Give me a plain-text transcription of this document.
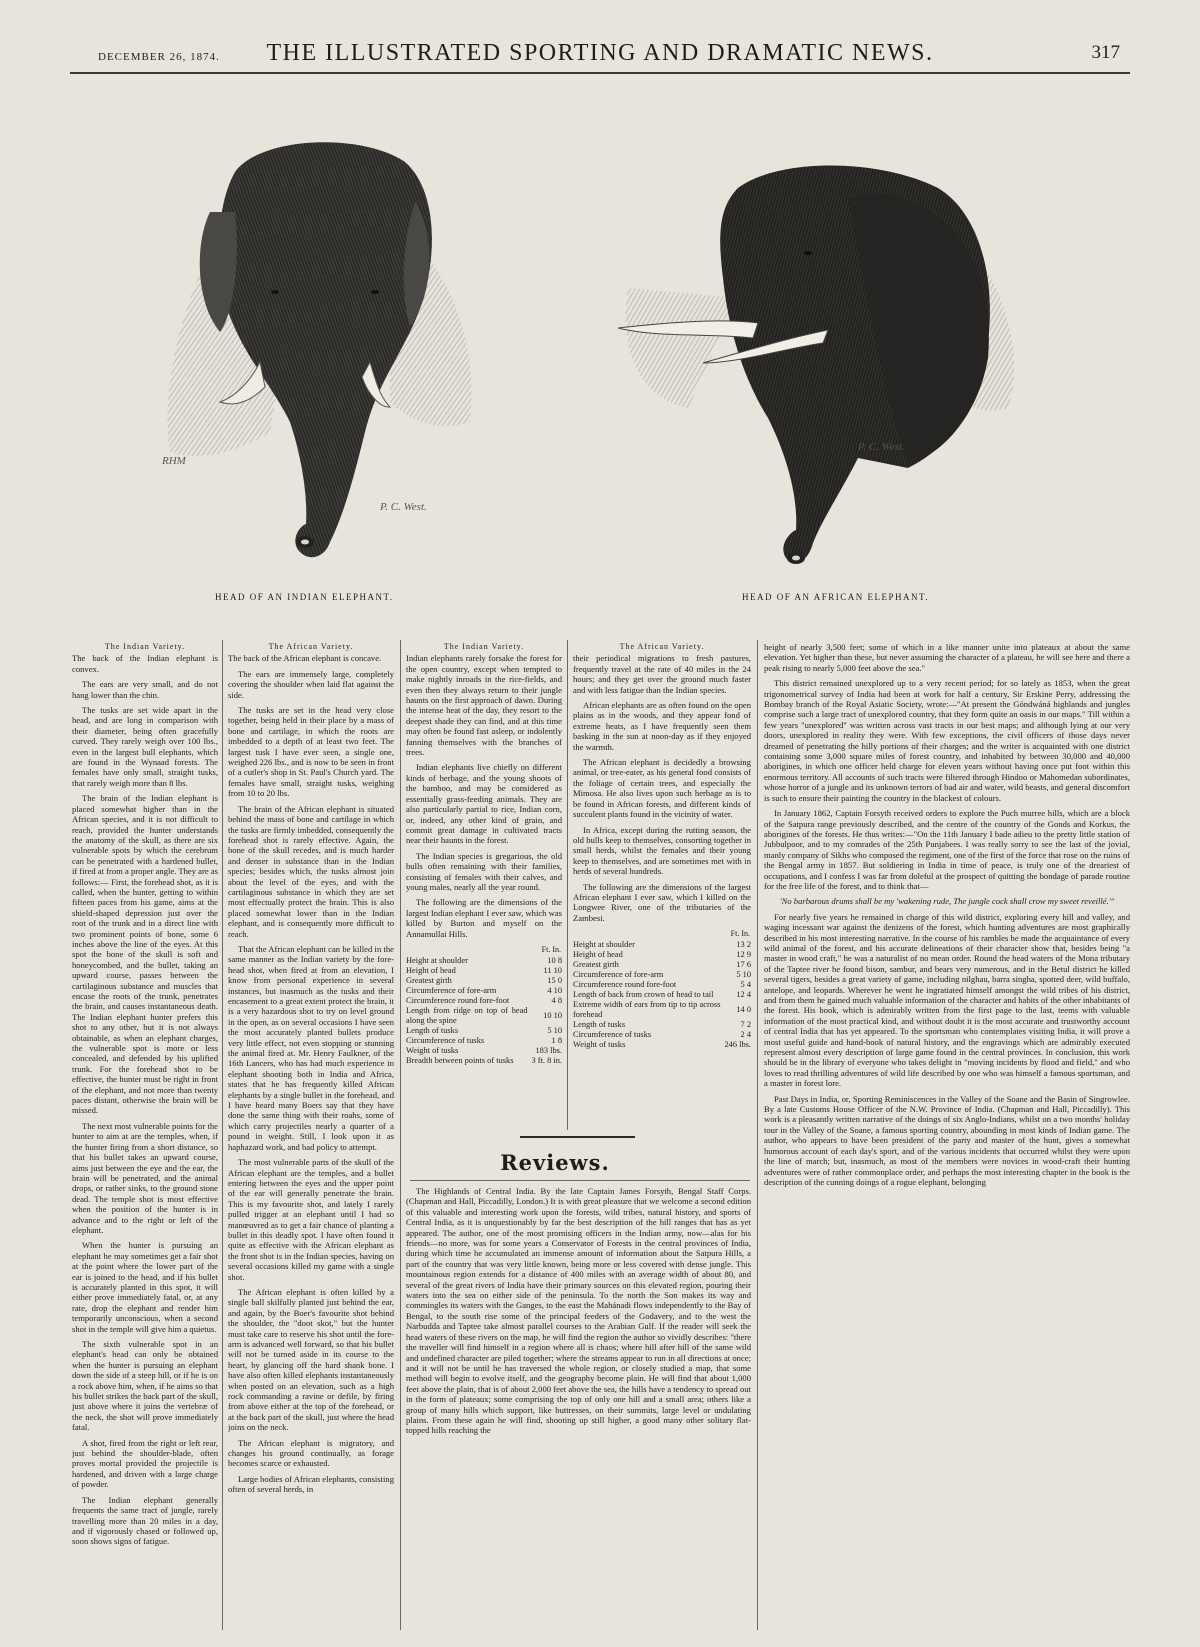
DECEMBER 26, 1874.	THE ILLUSTRATED SPORTING AND DRAMATIC NEWS.	317
RHM
P. C. West.
HEAD OF AN INDIAN ELEPHANT.
P. C. West.
HEAD OF AN AFRICAN ELEPHANT.
The Indian Variety.

The back of the Indian elephant is convex.

The ears are very small, and do not hang lower than the chin.

The tusks are set wide apart in the head, and are long in comparison with their diameter, being often gracefully curved. They rarely weigh over 100 lbs., even in the largest bull elephants, which are found in the Wynaad forests. The females have only small, straight tusks, that rarely weigh more than 8 lbs.

The brain of the Indian elephant is placed somewhat higher than in the African species, and it is not difficult to reach, provided the hunter understands the anatomy of the skull, as there are six vulnerable spots by which the cerebrum can be penetrated with a hardened bullet, if fired at from a proper angle. They are as follows:— First, the forehead shot, as it is called, when the hunter, getting to within fifteen paces from his game, aims at the shield-shaped depression just over the root of the trunk and in a direct line with two prominent points of bone, some 6 inches above the line of the eyes. At this spot the bone of the skull is soft and honeycombed, and the bullet, taking an upward course, passes between the cartilaginous substance and muscles that encase the roots of the trunk, penetrates the brain, and causes instantaneous death. The Indian elephant hunter prefers this shot to any other, but it is not always obtainable, as when an elephant charges, the vulnerable spot is more or less concealed, and defended by his uplifted trunk. For the forehead shot to be effective, the hunter must be right in front of the elephant, and not more than twenty paces distant, otherwise the brain will be missed.

The next most vulnerable points for the hunter to aim at are the temples, when, if the hunter firing from a short distance, so that his bullet takes an upward course, aims just between the eye and the ear, the brain will be penetrated, and the animal drops, or rather sinks, to the ground stone dead. The temple shot is most effective when the position of the hunter is in advance and to the right or left of the elephant.

When the hunter is pursuing an elephant he may sometimes get a fair shot at the point where the lower part of the ear is joined to the head, and if his bullet is accurately planted in this spot, it will either prove immediately fatal, or, at any rate, drop the elephant and render him temporarily unconscious, when a second shot in the temple will give him a quietus.

The sixth vulnerable spot in an elephant's head can only be obtained when the hunter is pursuing an elephant down the side of a steep hill, or if he is on a rock above him, when, if he aims so that his bullet strikes the back part of the skull, just above where it joins the vertebræ of the neck, the shot will prove immediately fatal.

A shot, fired from the right or left rear, just behind the shoulder-blade, often proves mortal provided the projectile is hardened, and driven with a large charge of powder.

The Indian elephant generally frequents the same tract of jungle, rarely travelling more than 20 miles in a day, and if vigorously chased or followed up, soon shows signs of fatigue.

The African Variety.

The back of the African elephant is concave.

The ears are immensely large, completely covering the shoulder when laid flat against the side.

The tusks are set in the head very close together, being held in their place by a mass of bone and cartilage, in which the roots are imbedded to a depth of at least two feet. The largest tusk I have ever seen, a single one, weighed 226 lbs., and is now to be seen in front of a cutler's shop in St. Paul's Church yard. The females have small, straight tusks, weighing from 10 to 20 lbs.

The brain of the African elephant is situated behind the mass of bone and cartilage in which the tusks are firmly imbedded, consequently the forehead shot is rarely effective. Again, the bone of the skull recedes, and is much harder and denser in substance than in the Indian species; besides which, the tusks almost join about the level of the eyes, and with the cartilaginous substance in which they are set most effectually protect the brain. This is also placed somewhat lower than in the Indian elephant, and is consequently more difficult to reach.

That the African elephant can be killed in the same manner as the Indian variety by the fore-head shot, when fired at from an elevation, I know from personal experience in several instances, but inasmuch as the tusks and their encasement to a great extent protect the brain, it is a very hazardous shot to try on level ground in the open, as on several occasions I have seen the most accurately planted bullets produce very little effect, not even stopping or stunning the animal fired at. Mr. Henry Faulkner, of the 16th Lancers, who has had much experience in elephant shooting both in India and Africa, states that he has frequently killed African elephants by a single bullet in the forehead, and I have heard many Boers say that they have done the same thing with their roahs, some of which carry projectiles nearly a quarter of a pound in weight. Still, I look upon it as haphazard work, and bad policy to attempt.

The most vulnerable parts of the skull of the African elephant are the temples, and a bullet entering between the eyes and the upper point of the ear will generally penetrate the brain. This is my favourite shot, and lately I rarely pulled trigger at an elephant until I had so manœuvred as to get a fair chance of planting a bullet in this deadly spot. I have often found it quite as effective with the African elephant as the front shot is in the Indian species, having on several occasions killed my game with a single shot.

The African elephant is often killed by a single ball skilfully planted just behind the ear, and again, by the Boer's favourite shot behind the shoulder, the "doot skot," but the hunter must take care to reserve his shot until the fore-arm is advanced well forward, so that his bullet will not be turned aside in its course to the heart, by glancing off the hard shank bone. I have also often killed elephants instantaneously when posted on an elevation, such as a high rock commanding a ravine or defile, by firing from above either at the top of the forehead, or at the back part of the skull, just where the head joins on the neck.

The African elephant is migratory, and changes his ground continually, as forage becomes scarce or exhausted.

Large bodies of African elephants, consisting often of several herds, in

The Indian Variety.

Indian elephants rarely forsake the forest for the open country, except when tempted to make nightly inroads in the rice-fields, and even then they always return to their jungle haunts on the first approach of dawn. During the intense heat of the day, they resort to the deepest shade they can find, and at this time may often be found fast asleep, or indolently fanning themselves with the branches of trees.

Indian elephants live chiefly on different kinds of herbage, and the young shoots of the bamboo, and may be considered as essentially grass-feeding animals. They are also particularly partial to rice, Indian corn, or, indeed, any other kind of grain, and commit great damage in cultivated tracts near their haunts in the forest.

The Indian species is gregarious, the old bulls often remaining with their families, consisting of females with their calves, and young males, nearly all the year round.

The following are the dimensions of the largest Indian elephant I ever saw, which was killed by Burton and myself on the Annamullai Hills.

	Ft. In.
Height at shoulder	10 8
Height of head	11 10
Greatest girth	15 0
Circumference of fore-arm	4 10
Circumference round fore-foot	4 8
Length from ridge on top of head along the spine	10 10
Length of tusks	5 10
Circumference of tusks	1 8
Weight of tusks	183 lbs.
Breadth between points of tusks	3 ft. 8 in.
The African Variety.

their periodical migrations to fresh pastures, frequently travel at the rate of 40 miles in the 24 hours; and they get over the ground much faster and with less fatigue than the Indian species.

African elephants are as often found on the open plains as in the woods, and they appear fond of extreme heats, as I have frequently seen them basking in the sun at noon-day as if they enjoyed the warmth.

The African elephant is decidedly a browsing animal, or tree-eater, as his general food consists of the foliage of certain trees, and especially the Mimosa. He also lives upon such herbage as is to be found in African forests, and different kinds of succulent plants found in the vicinity of water.

In Africa, except during the rutting season, the old bulls keep to themselves, consorting together in small herds, whilst the females and their young keep to themselves, and are sometimes met with in herds of several hundreds.

The following are the dimensions of the largest African elephant I ever saw, which I killed on the Longwee River, one of the tributaries of the Zambesi.

	Ft. In.
Height at shoulder	13 2
Height of head	12 9
Greatest girth	17 6
Circumference of fore-arm	5 10
Circumference round fore-foot	5 4
Length of back from crown of head to tail	12 4
Extreme width of ears from tip to tip across forehead	14 0
Length of tusks	7 2
Circumference of tusks	2 4
Weight of tusks	246 lbs.
Reviews.

The Highlands of Central India. By the late Captain James Forsyth, Bengal Staff Corps. (Chapman and Hall, Piccadilly, London.) It is with great pleasure that we welcome a second edition of this valuable and interesting work upon the forests, wild tribes, natural history, and sports of Central India, as it is unquestionably by far the best description of the hill ranges that has as yet appeared. The author, one of the most promising officers in the Indian army, now—alas for his friends—no more, was for some years a Conservator of Forests in the central provinces of India, during which time he accumulated an immense amount of information about the Satpura Hills, a part of the country that was very little known, being more or less covered with dense jungle. This mountainous region extends for a distance of 400 miles with an average width of about 80, and several of the great rivers of India have their primary sources on this elevated region, pouring their waters into the sea on either side of the peninsula. To the north the Son makes its way and commingles its waters with the Ganges, to the east the Mahánadi flows independently to the Bay of Bengal, to the south rise some of the principal feeders of the Godavery, and to the west the Narbudda and Taptee take almost parallel courses to the Arabian Gulf. If the reader will seek the head waters of these rivers on the map, he will find the region the author so vividly describes: "there the traveller will find himself in a region where all is chaos; where hill after hill of the same wild and undefined character are piled together; where the streams appear to run in all directions at once; and it will not be until he has traversed the whole region, or closely studied a map, that some method will begin to evolve itself, and the geography become plain. He will find that about 1,000 feet above the plain, that is of about 2,000 feet above the sea, the hills have a tendency to spread out in the form of plateaux; some comprising the top of only one hill and a small area; others like a group of many hills which support, like buttresses, on their summits, large level or undulating plains. From these again he will find, shooting up still higher, a good many other solitary flat-topped hills reaching the

height of nearly 3,500 feet; some of which in a like manner unite into plateaux at about the same elevation. Yet higher than these, but never assuming the character of a plateau, he will see here and there a peak rising to nearly 5,000 feet above the sea."

This district remained unexplored up to a very recent period; for so lately as 1853, when the great trigonometrical survey of India had been at work for half a century, Sir Erskine Perry, addressing the Bombay branch of the Royal Asiatic Society, wrote:—"At present the Góndwáná highlands and jungles comprise such a large tract of unexplored country, that they form quite an oasis in our maps." Till within a few years "unexplored" was written across vast tracts in our best maps; and although lying at our very doors, unexplored in reality they were. With few exceptions, the civil officers of those days never dreamed of penetrating the hilly portions of their charges; and the writer is acquainted with one district containing some 3,000 square miles of forest country, and inhabited by between 30,000 and 40,000 aborigines, in which one officer held charge for eleven years without having once put foot within this enormous territory. All accounts of such tracts were filtered through Hindoo or Mahomedan subordinates, whose horror of a jungle and its unknown terrors of bad air and water, wild beasts, and general discomfort is such to ensure their painting the country in the blackest of colours.

In January 1862, Captain Forsyth received orders to explore the Puch murree hills, which are a block of the Satpura range previously described, and the centre of the country of the Gonds and Korkus, the aborigines of the forests. He thus writes:—"On the 11th January I bade adieu to the pretty little station of Jubbulpoor, and to my comrades of the 25th Punjabees. I was really sorry to see the last of the jovial, manly company of Sikhs who composed the regiment, one of the first of the force that rose on the ruins of the Bengal army in 1857. But soldiering in India in time of peace, is truly one of the dreariest of occupations, and I confess I was far from doleful at the prospect of quitting the bondage of parade routine for the free life of the forest, and to think that—

'No barbarous drums shall be my 'wakening rude, The jungle cock shall crow my sweet reveillé.'"

For nearly five years he remained in charge of this wild district, exploring every hill and valley, and waging incessant war against the denizens of the forest, which hunting adventures are most graphically described in his most interesting narrative. In the course of his rambles he made the acquaintance of every wild animal of the forest, and his accurate delineations of their character show that, besides being "a master in wood craft," he was a naturalist of no mean order. Round the head waters of the Mona tributary of the Taptee river he found bison, sambur, and bears very numerous, and in the Betul district he killed several tigers, besides a great variety of game, including nilghau, barra singha, spotted deer, wild buffalo, antelope, and leopards. Wherever he went he ingratiated himself amongst the wild tribes of his district, and from them he gained much valuable information of the character and habits of the other inhabitants of the forest. His book, which is admirably written from the first page to the last, teems with valuable information of the most practical kind, and without doubt it is the most accurate and trustworthy account of central India that has yet appeared. To the sportsman who contemplates visiting India, it will prove a most useful guide and hand-book of natural history, and the engravings which are admirably executed represent almost every description of large game found in the central provinces. In conclusion, this work should be in the library of everyone who takes delight in "moving incidents by flood and field," and who loves to read thrilling adventures of wild life described by one who was himself a famous sportsman, and a master in forest lore.

Past Days in India, or, Sporting Reminiscences in the Valley of the Soane and the Basin of Singrowlee. By a late Customs House Officer of the N.W. Province of India. (Chapman and Hall, Piccadilly). This work is a pleasantly written narrative of the doings of six Anglo-Indians, whilst on a two months' holiday tour in the Valley of the Soane, a famous sporting country, abounding in most kinds of Indian game. The author, who appears to have been president of the party and master of the hunt, gives a somewhat humorous account of each day's sport, and of the various incidents that occurred whilst they were upon the line of march; but, inasmuch, as most of the members were novices in wood-craft their hunting adventures were of rather commonplace order, and perhaps the most interesting chapter in the book is the description of the cunning doings of a rogue elephant, belonging
